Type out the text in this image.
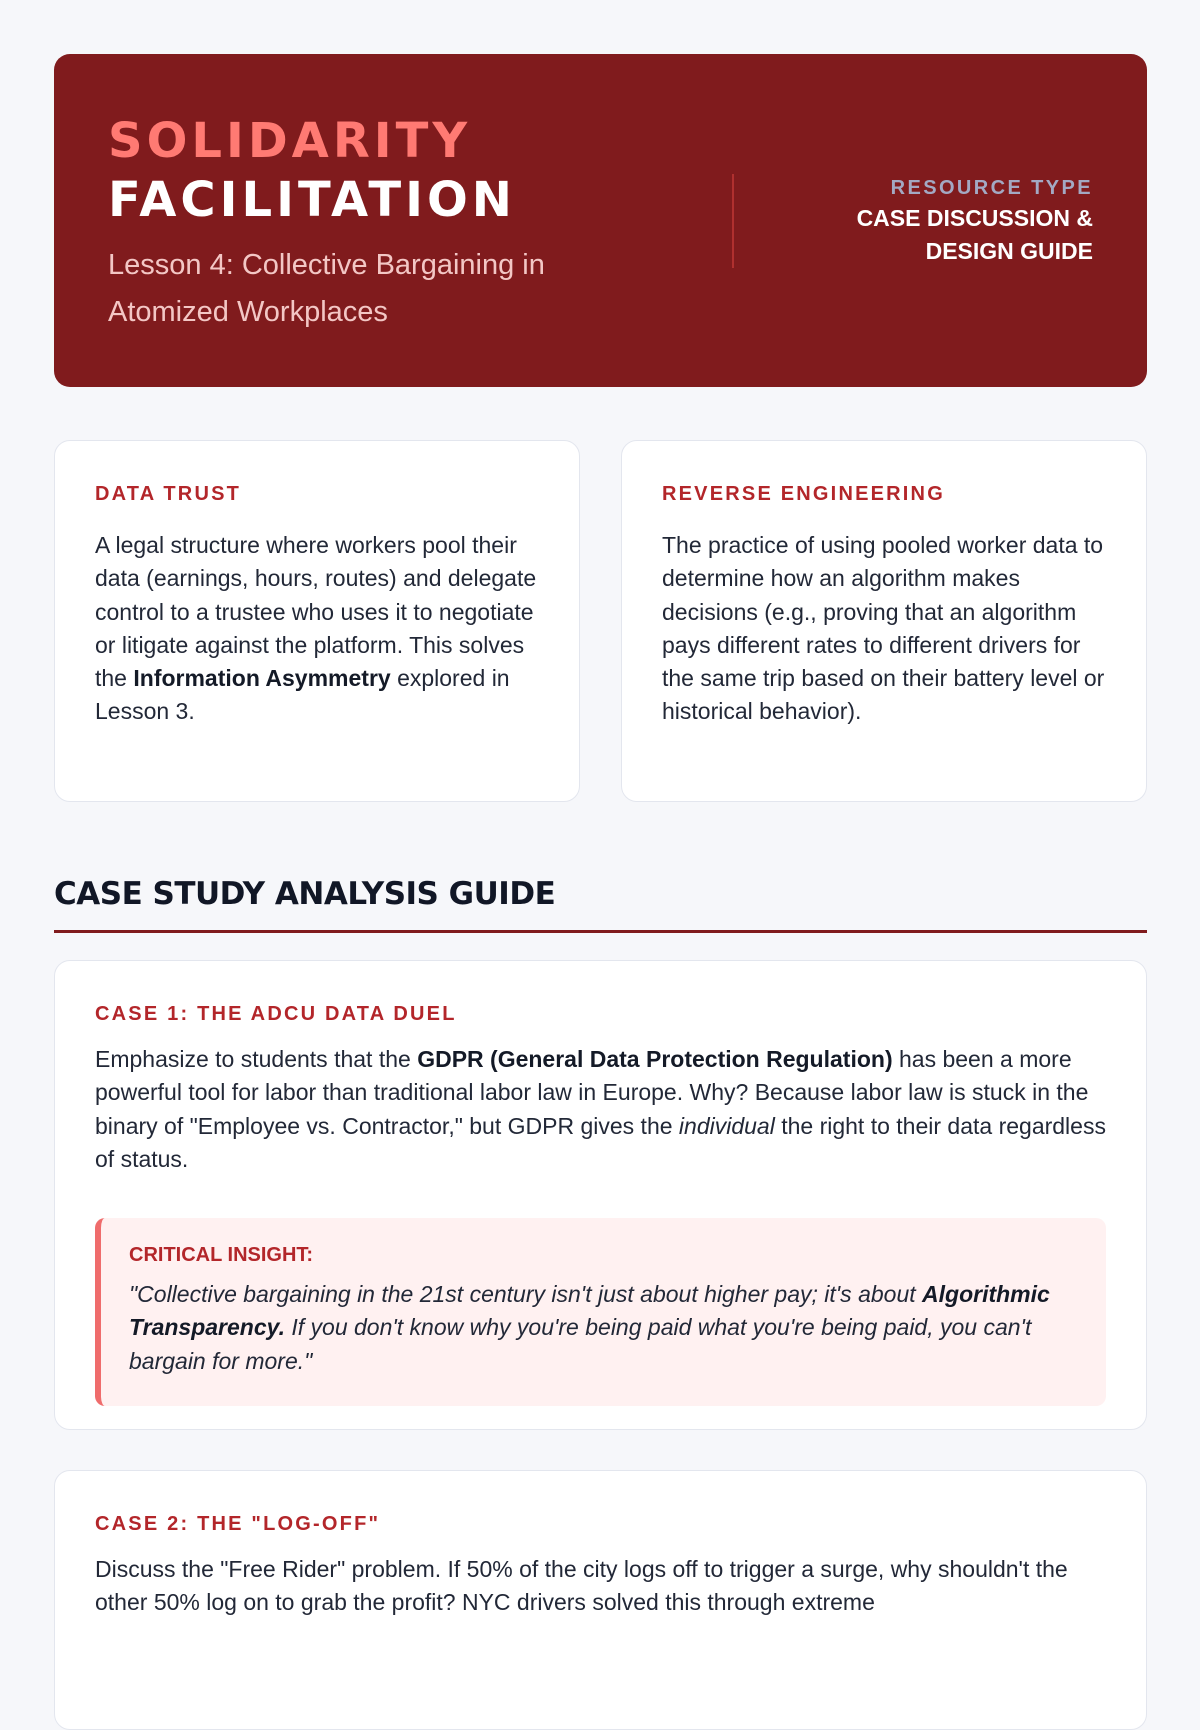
SOLIDARITY
FACILITATION
Lesson 4: Collective Bargaining in Atomized Workplaces
RESOURCE TYPE
CASE DISCUSSION & DESIGN GUIDE
DATA TRUST

A legal structure where workers pool their data (earnings, hours, routes) and delegate control to a trustee who uses it to negotiate or litigate against the platform. This solves the Information Asymmetry explored in Lesson 3.

REVERSE ENGINEERING

The practice of using pooled worker data to determine how an algorithm makes decisions (e.g., proving that an algorithm pays different rates to different drivers for the same trip based on their battery level or historical behavior).

CASE STUDY ANALYSIS GUIDE
CASE 1: THE ADCU DATA DUEL

Emphasize to students that the GDPR (General Data Protection Regulation) has been a more powerful tool for labor than traditional labor law in Europe. Why? Because labor law is stuck in the binary of "Employee vs. Contractor," but GDPR gives the individual the right to their data regardless of status.

CRITICAL INSIGHT:

"Collective bargaining in the 21st century isn't just about higher pay; it's about Algorithmic Transparency. If you don't know why you're being paid what you're being paid, you can't bargain for more."

CASE 2: THE "LOG-OFF"

Discuss the "Free Rider" problem. If 50% of the city logs off to trigger a surge, why shouldn't the other 50% log on to grab the profit? NYC drivers solved this through extreme
